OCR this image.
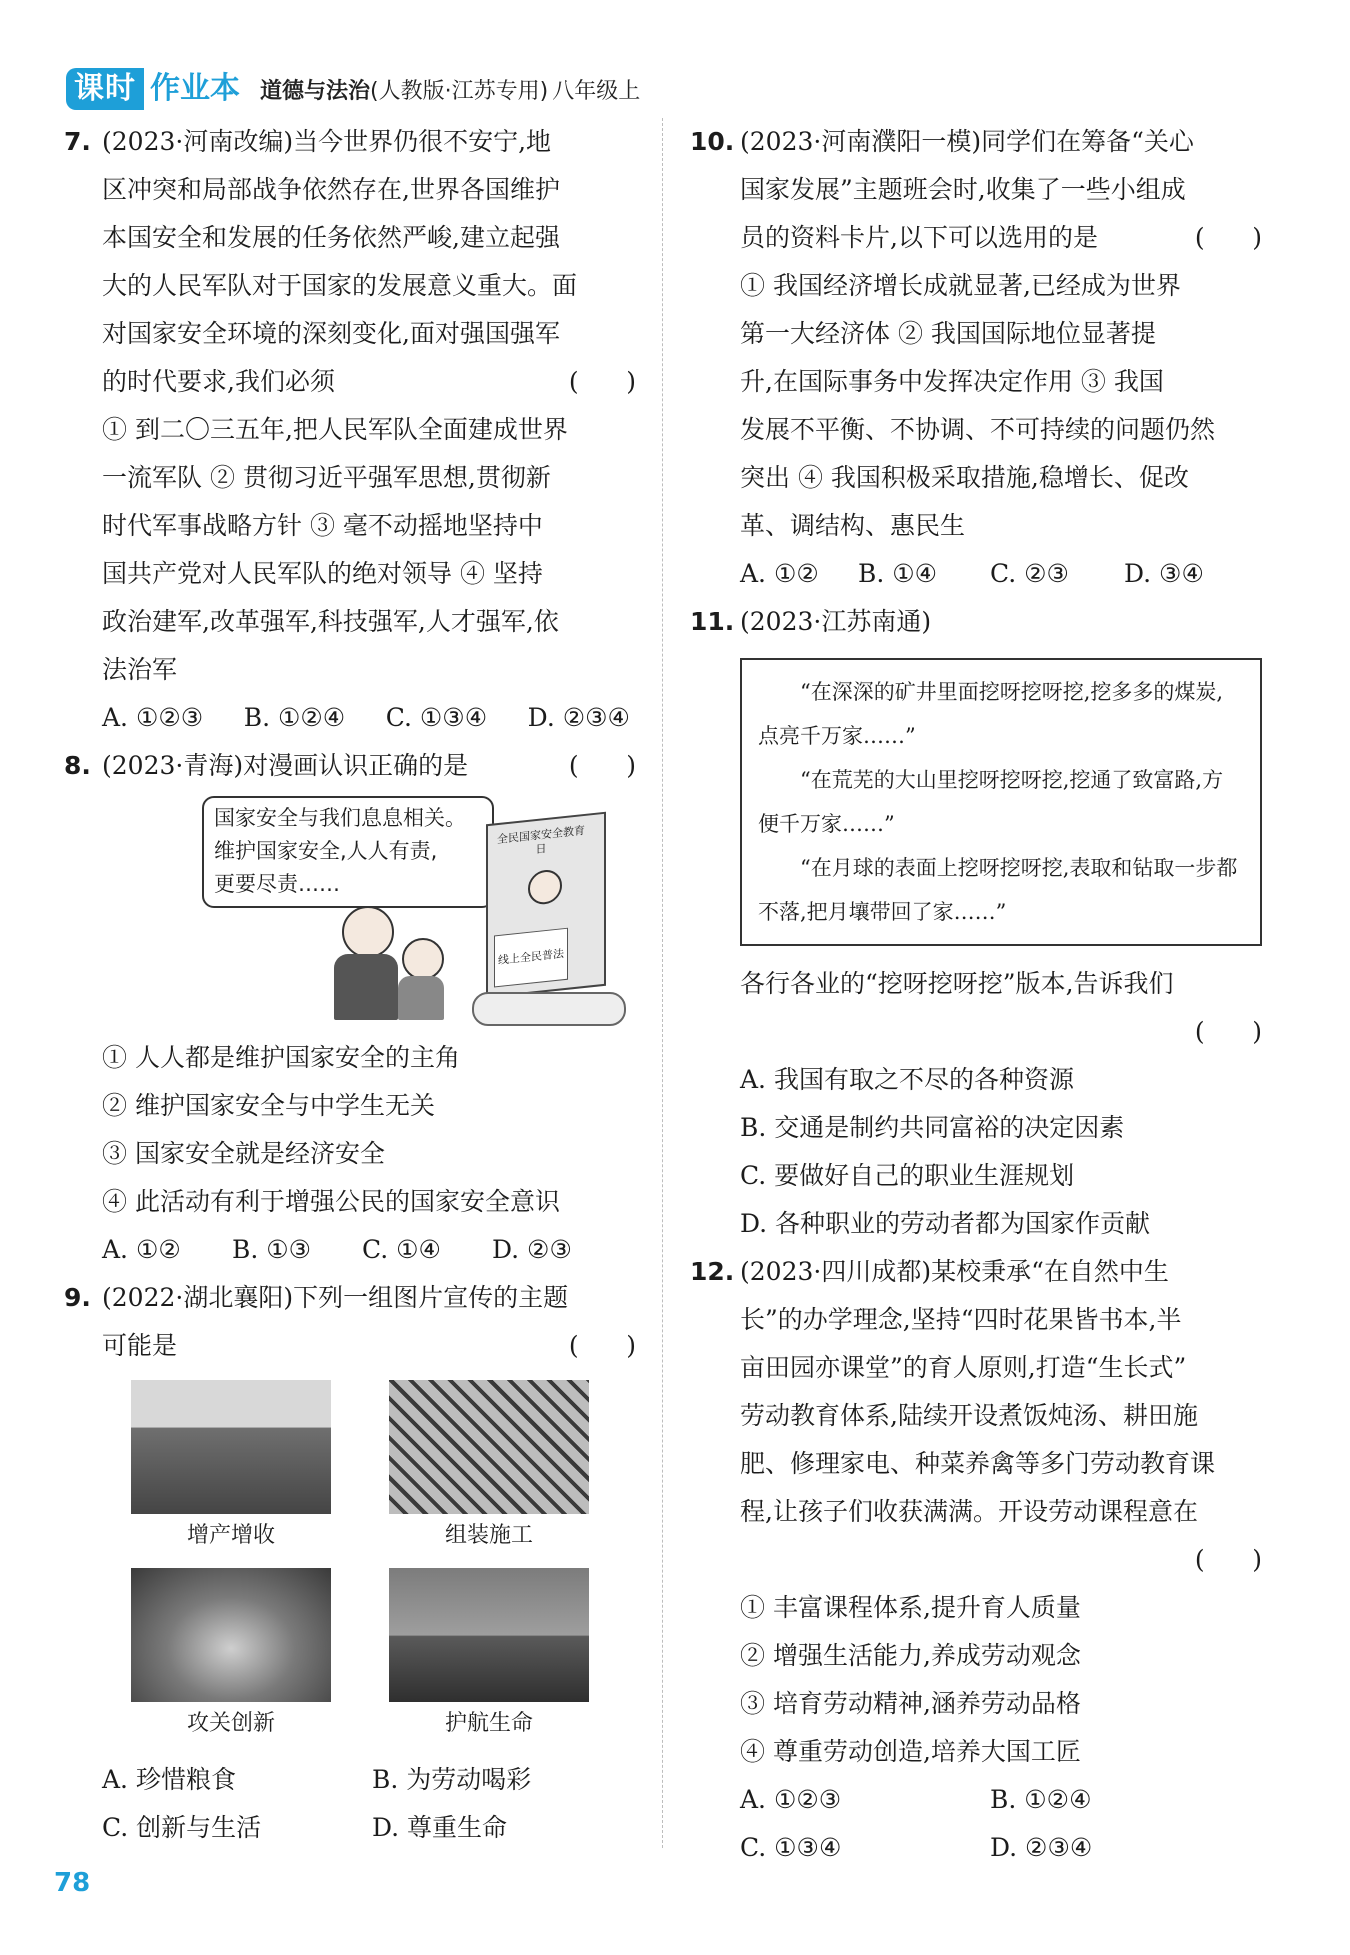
课时 作业本 道德与法治 (人教版·江苏专用) 八年级上
7. (2023·河南改编)当今世界仍很不安宁,地
区冲突和局部战争依然存在,世界各国维护
本国安全和发展的任务依然严峻,建立起强
大的人民军队对于国家的发展意义重大。面
对国家安全环境的深刻变化,面对强国强军
(      )
的时代要求,我们必须
① 到二〇三五年,把人民军队全面建成世界
一流军队 ② 贯彻习近平强军思想,贯彻新
时代军事战略方针 ③ 毫不动摇地坚持中
国共产党对人民军队的绝对领导 ④ 坚持
政治建军,改革强军,科技强军,人才强军,依
法治军
A. ①②③ B. ①②④ C. ①③④ D. ②③④
8.	(      )
(2023·青海)对漫画认识正确的是
国家安全与我们息息相关。
维护国家安全,人人有责,
更要尽责……
全民国家安全教育日
线上全民普法
① 人人都是维护国家安全的主角
② 维护国家安全与中学生无关
③ 国家安全就是经济安全
④ 此活动有利于增强公民的国家安全意识
A. ①②	B. ①③	C. ①④	D. ②③
9. (2022·湖北襄阳)下列一组图片宣传的主题
(      )
可能是
增产增收	组装施工
攻关创新	护航生命
A. 珍惜粮食	B. 为劳动喝彩
C. 创新与生活	D. 尊重生命
10. (2023·河南濮阳一模)同学们在筹备“关心
国家发展”主题班会时,收集了一些小组成
(      )
员的资料卡片,以下可以选用的是
① 我国经济增长成就显著,已经成为世界
第一大经济体 ② 我国国际地位显著提
升,在国际事务中发挥决定作用 ③ 我国
发展不平衡、不协调、不可持续的问题仍然
突出 ④ 我国积极采取措施,稳增长、促改
革、调结构、惠民生
A. ①②	B. ①④	C. ②③	D. ③④
11. (2023·江苏南通)

“在深深的矿井里面挖呀挖呀挖,挖多多的煤炭,点亮千万家……”

“在荒芜的大山里挖呀挖呀挖,挖通了致富路,方便千万家……”

“在月球的表面上挖呀挖呀挖,表取和钻取一步都不落,把月壤带回了家……”

各行各业的“挖呀挖呀挖”版本,告诉我们
(      )
A. 我国有取之不尽的各种资源
B. 交通是制约共同富裕的决定因素
C. 要做好自己的职业生涯规划
D. 各种职业的劳动者都为国家作贡献
12. (2023·四川成都)某校秉承“在自然中生
长”的办学理念,坚持“四时花果皆书本,半
亩田园亦课堂”的育人原则,打造“生长式”
劳动教育体系,陆续开设煮饭炖汤、耕田施
肥、修理家电、种菜养禽等多门劳动教育课
程,让孩子们收获满满。开设劳动课程意在
(      )
① 丰富课程体系,提升育人质量
② 增强生活能力,养成劳动观念
③ 培育劳动精神,涵养劳动品格
④ 尊重劳动创造,培养大国工匠
A. ①②③	B. ①②④
C. ①③④	D. ②③④
78
